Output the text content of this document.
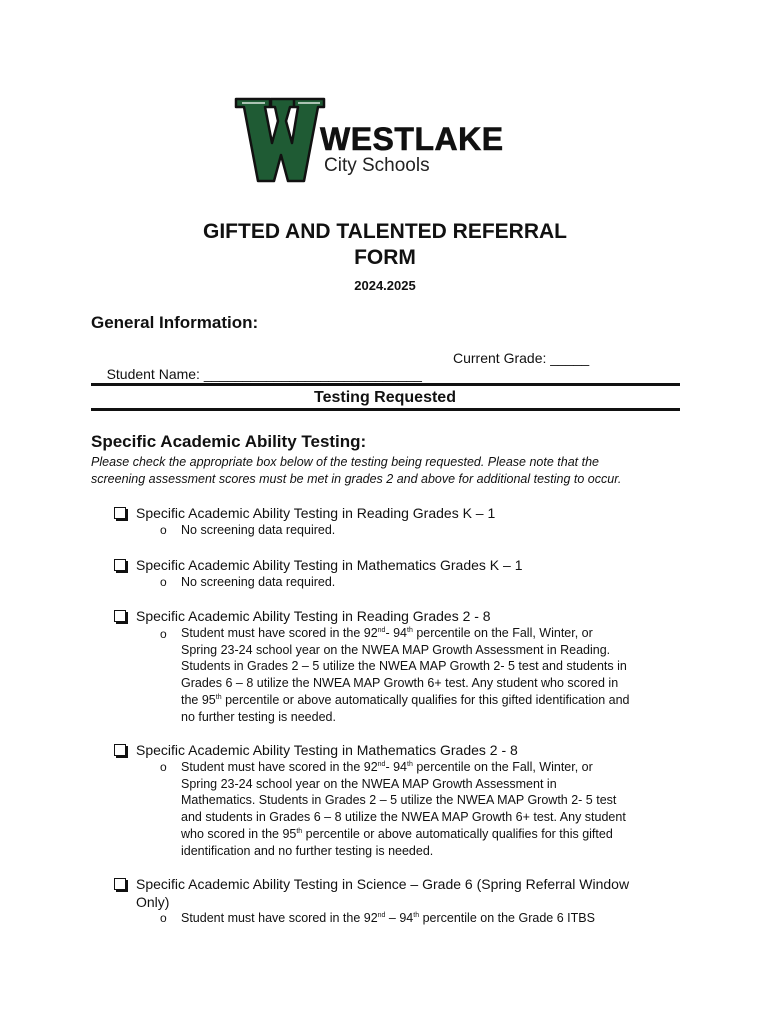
WESTLAKE
City Schools
GIFTED AND TALENTED REFERRAL
FORM
2024.2025
General Information:

Student Name: ____________________________

Current Grade: _____

Testing Requested
Specific Academic Ability Testing:
Please check the appropriate box below of the testing being requested. Please note that the
screening assessment scores must be met in grades 2 and above for additional testing to occur.
Specific Academic Ability Testing in Reading Grades K – 1
o No screening data required.
Specific Academic Ability Testing in Mathematics Grades K – 1
o No screening data required.
Specific Academic Ability Testing in Reading Grades 2 - 8
o Student must have scored in the 92nd- 94th percentile on the Fall, Winter, or
Spring 23-24 school year on the NWEA MAP Growth Assessment in Reading.
Students in Grades 2 – 5 utilize the NWEA MAP Growth 2- 5 test and students in
Grades 6 – 8 utilize the NWEA MAP Growth 6+ test. Any student who scored in
the 95th percentile or above automatically qualifies for this gifted identification and
no further testing is needed.
Specific Academic Ability Testing in Mathematics Grades 2 - 8
o Student must have scored in the 92nd- 94th percentile on the Fall, Winter, or
Spring 23-24 school year on the NWEA MAP Growth Assessment in
Mathematics. Students in Grades 2 – 5 utilize the NWEA MAP Growth 2- 5 test
and students in Grades 6 – 8 utilize the NWEA MAP Growth 6+ test. Any student
who scored in the 95th percentile or above automatically qualifies for this gifted
identification and no further testing is needed.
Specific Academic Ability Testing in Science – Grade 6 (Spring Referral Window
Only)
o Student must have scored in the 92nd – 94th percentile on the Grade 6 ITBS
